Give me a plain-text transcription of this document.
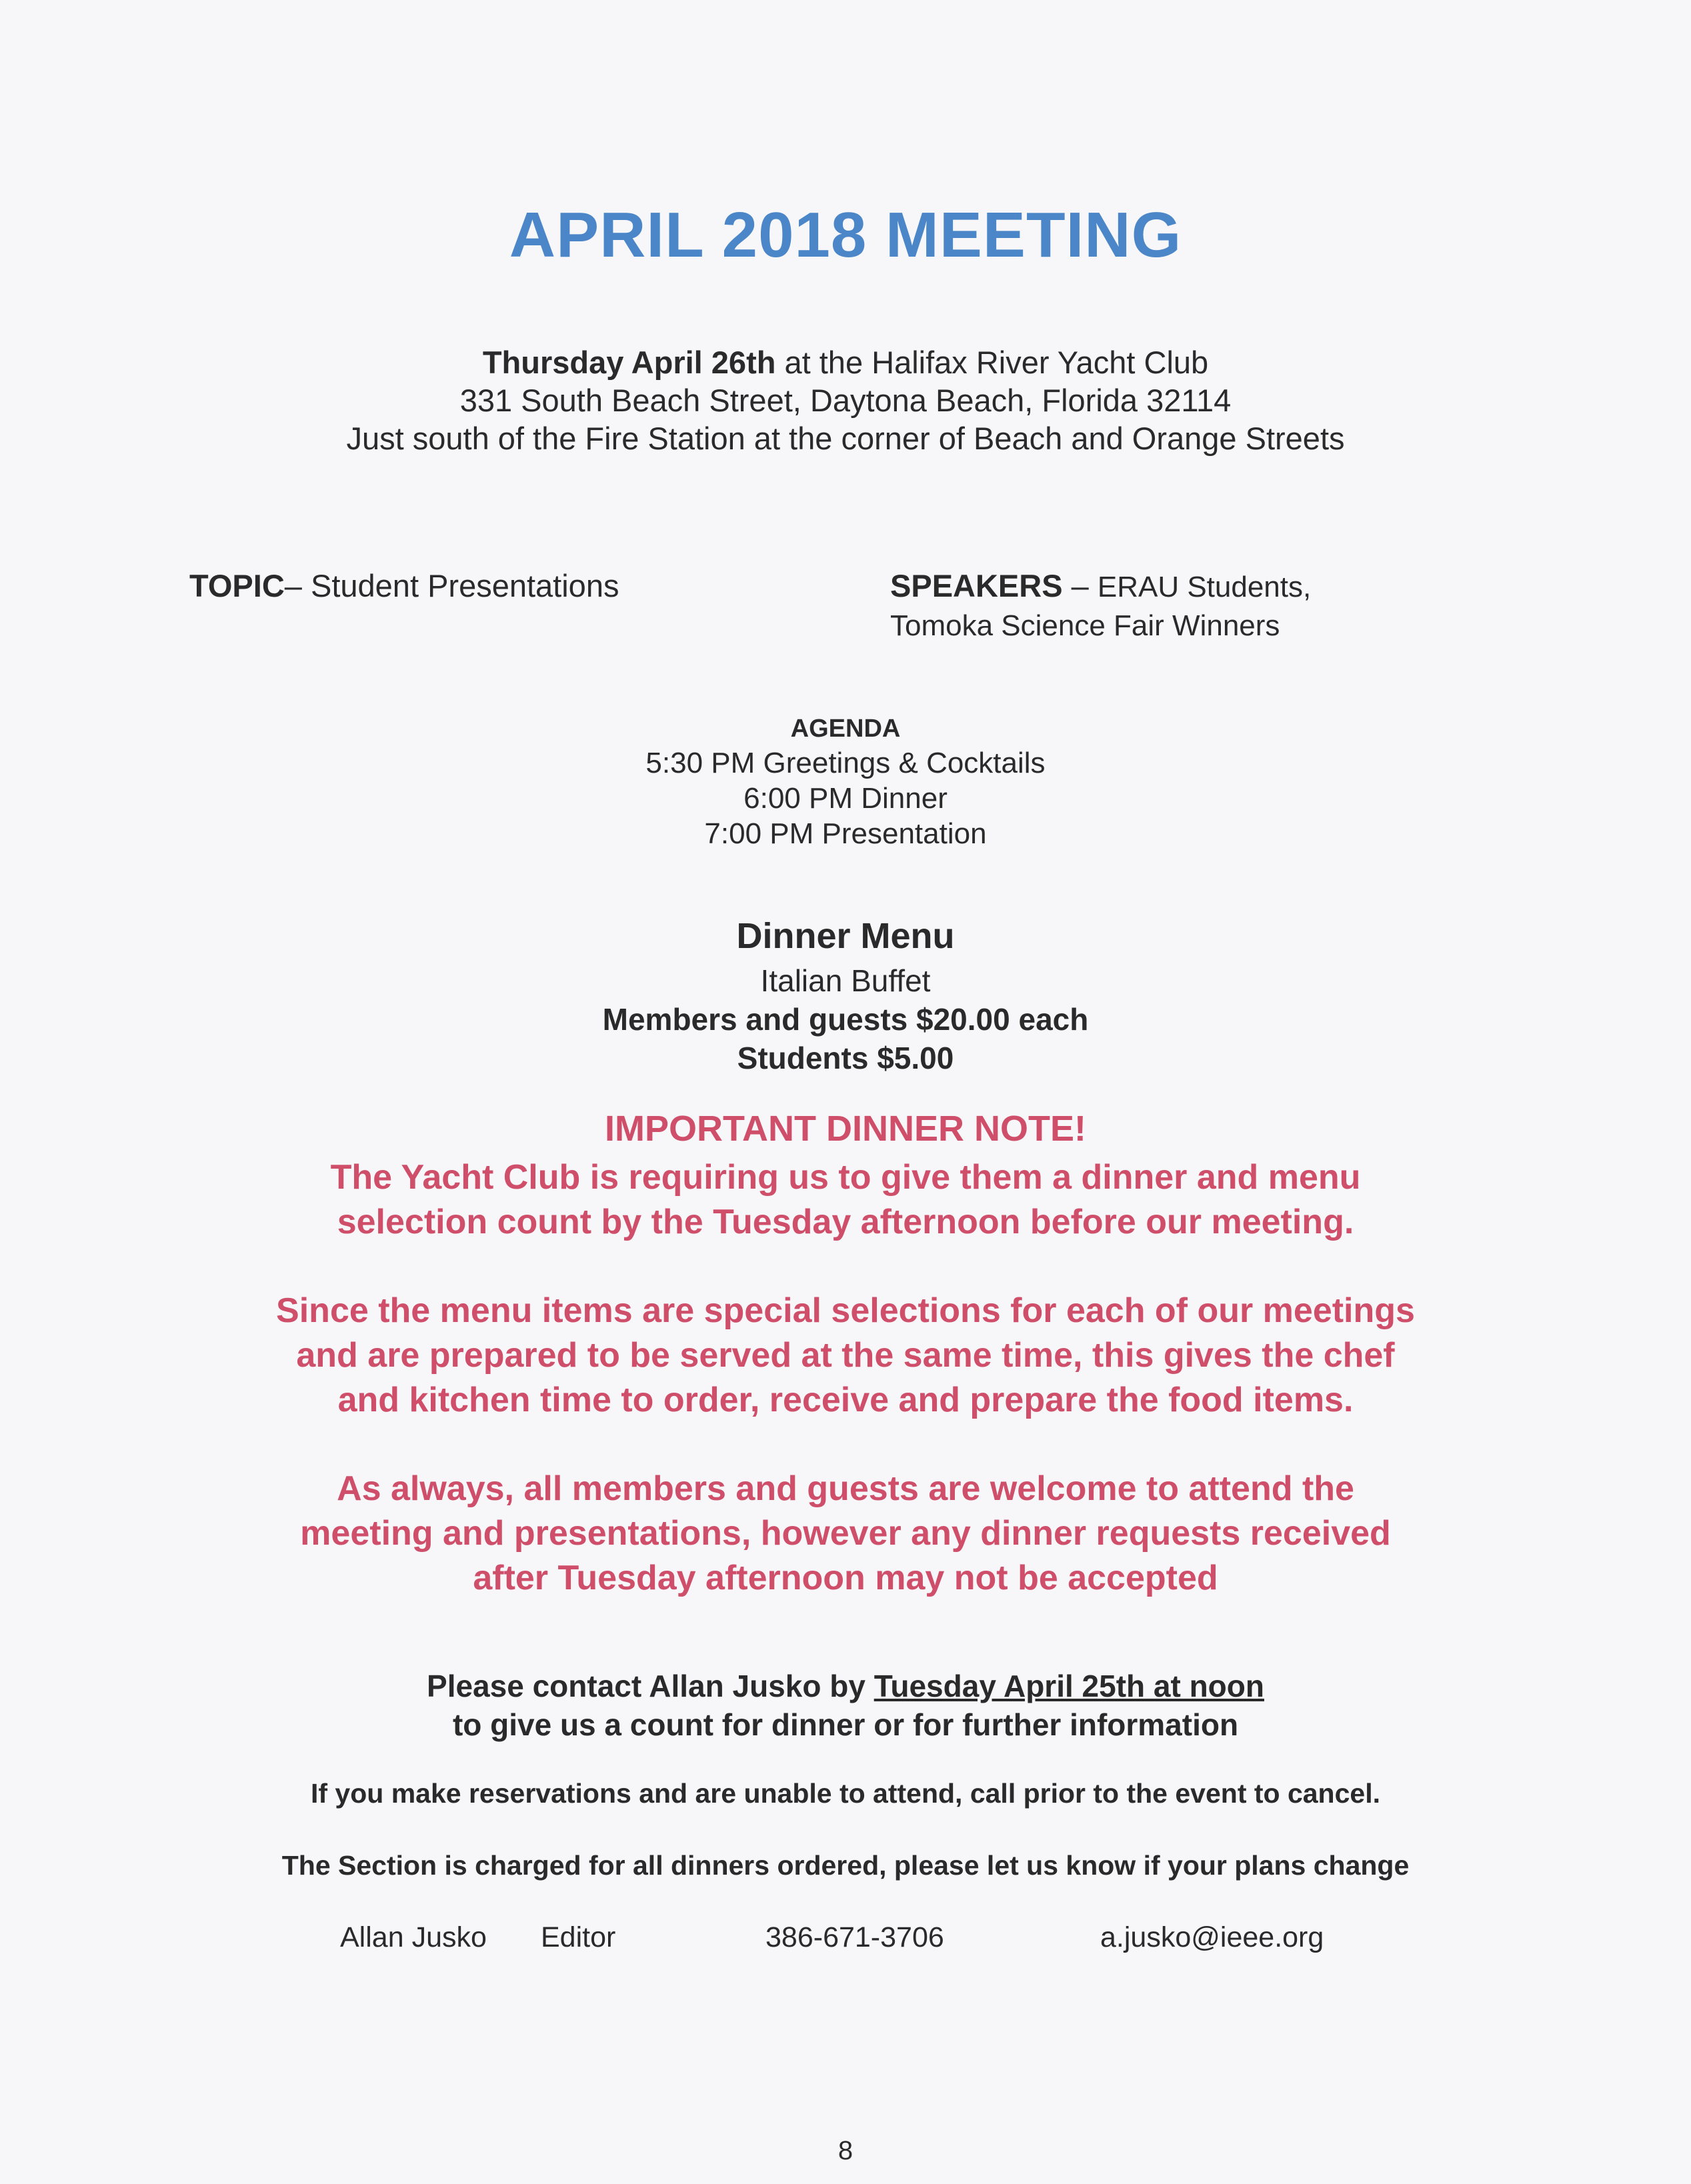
APRIL 2018 MEETING
Thursday April 26th at the Halifax River Yacht Club
331 South Beach Street, Daytona Beach, Florida 32114
Just south of the Fire Station at the corner of Beach and Orange Streets
TOPIC– Student Presentations	SPEAKERS – ERAU Students,
Tomoka Science Fair Winners
AGENDA
5:30 PM Greetings & Cocktails
6:00 PM Dinner
7:00 PM Presentation
Dinner Menu
Italian Buffet
Members and guests $20.00 each
Students $5.00
IMPORTANT DINNER NOTE!
The Yacht Club is requiring us to give them a dinner and menu
selection count by the Tuesday afternoon before our meeting.
Since the menu items are special selections for each of our meetings
and are prepared to be served at the same time, this gives the chef
and kitchen time to order, receive and prepare the food items.
As always, all members and guests are welcome to attend the
meeting and presentations, however any dinner requests received
after Tuesday afternoon may not be accepted
Please contact Allan Jusko by Tuesday April 25th at noon
to give us a count for dinner or for further information
If you make reservations and are unable to attend, call prior to the event to cancel.
The Section is charged for all dinners ordered, please let us know if your plans change
Allan Jusko Editor	386-671-3706	a.jusko@ieee.org
8
